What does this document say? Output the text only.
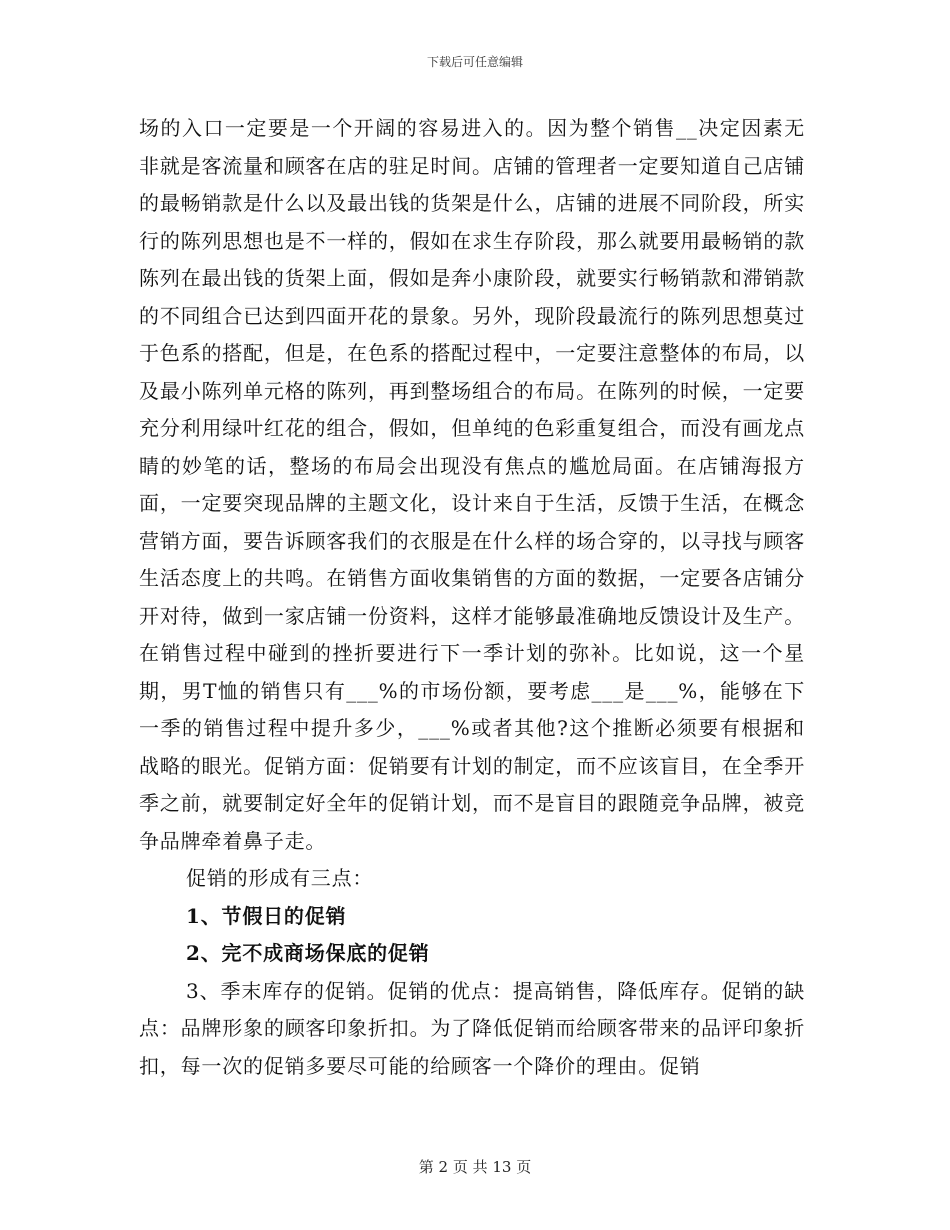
下载后可任意编辑

场的入口一定要是一个开阔的容易进入的。因为整个销售__决定因素无非就是客流量和顾客在店的驻足时间。店铺的管理者一定要知道自己店铺的最畅销款是什么以及最出钱的货架是什么，店铺的进展不同阶段，所实行的陈列思想也是不一样的，假如在求生存阶段，那么就要用最畅销的款陈列在最出钱的货架上面，假如是奔小康阶段，就要实行畅销款和滞销款的不同组合已达到四面开花的景象。另外，现阶段最流行的陈列思想莫过于色系的搭配，但是，在色系的搭配过程中，一定要注意整体的布局，以及最小陈列单元格的陈列，再到整场组合的布局。在陈列的时候，一定要充分利用绿叶红花的组合，假如，但单纯的色彩重复组合，而没有画龙点睛的妙笔的话，整场的布局会出现没有焦点的尴尬局面。在店铺海报方面，一定要突现品牌的主题文化，设计来自于生活，反馈于生活，在概念营销方面，要告诉顾客我们的衣服是在什么样的场合穿的，以寻找与顾客生活态度上的共鸣。在销售方面收集销售的方面的数据，一定要各店铺分开对待，做到一家店铺一份资料，这样才能够最准确地反馈设计及生产。在销售过程中碰到的挫折要进行下一季计划的弥补。比如说，这一个星期，男T恤的销售只有___%的市场份额，要考虑___是___%，能够在下一季的销售过程中提升多少，___%或者其他?这个推断必须要有根据和战略的眼光。促销方面：促销要有计划的制定，而不应该盲目，在全季开季之前，就要制定好全年的促销计划，而不是盲目的跟随竞争品牌，被竞争品牌牵着鼻子走。

促销的形成有三点：

1、节假日的促销

2、完不成商场保底的促销

3、季末库存的促销。促销的优点：提高销售，降低库存。促销的缺点：品牌形象的顾客印象折扣。为了降低促销而给顾客带来的品评印象折扣，每一次的促销多要尽可能的给顾客一个降价的理由。促销

第 2 页 共 13 页
